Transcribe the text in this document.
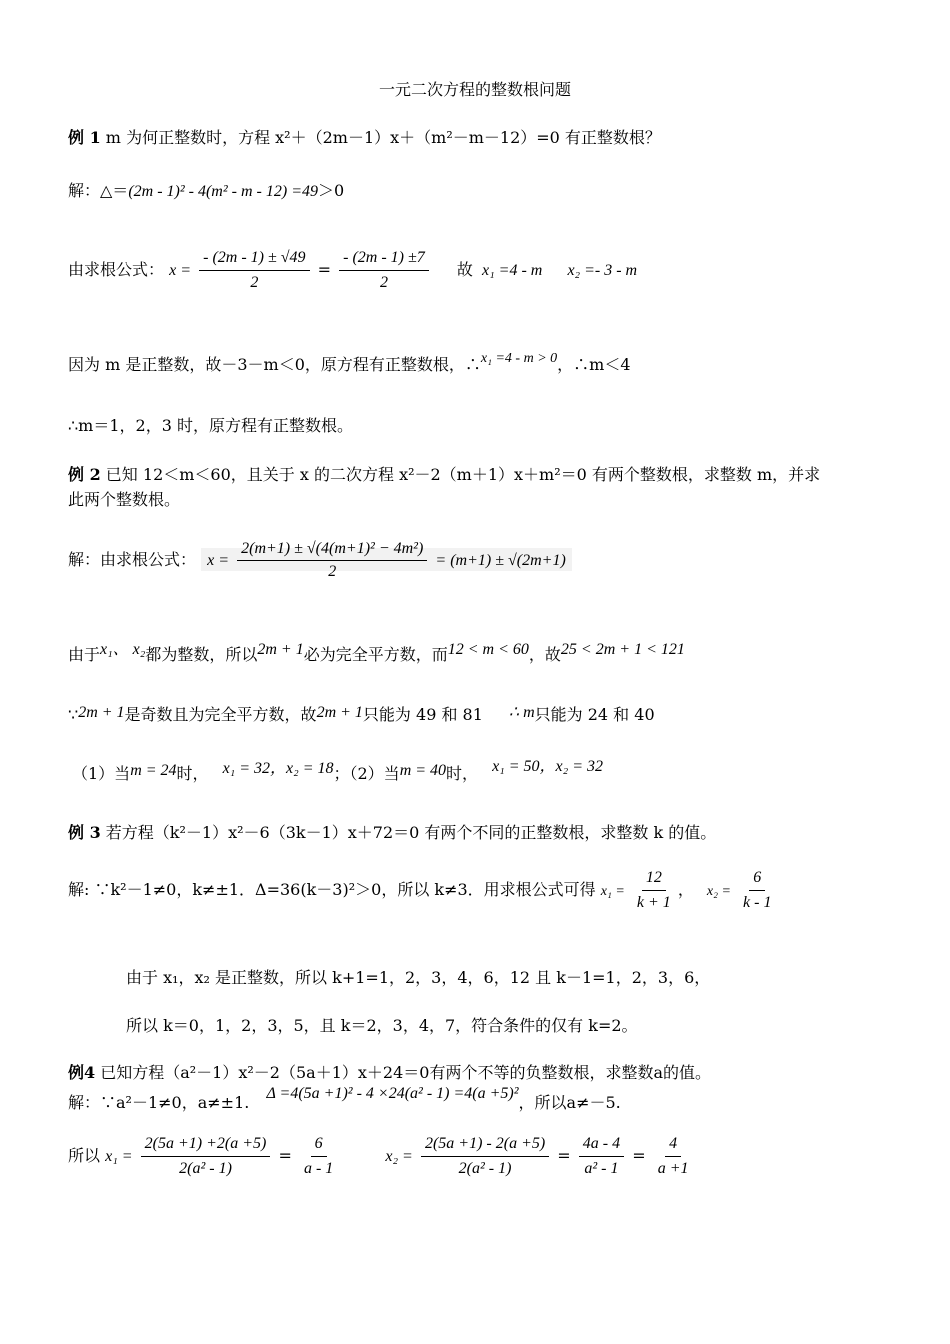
一元二次方程的整数根问题
例 1 m 为何正整数时，方程 x²＋（2m－1）x＋（m²－m－12）=0 有正整数根？
解：△＝(2m - 1)² - 4(m² - m - 12) =49＞0
由求根公式： $x = \frac{- (2m - 1) \pm √49}{2} = \frac{- (2m - 1) \pm 7}{2}$ 故 x₁ =4 - m x₂ =- 3 - m
因为 m 是正整数，故－3－m＜0，原方程有正整数根，∴x₁ =4 - m > 0，∴m＜4
∴m＝1，2，3 时，原方程有正整数根。
例 2 已知 12＜m＜60，且关于 x 的二次方程 x²－2（m＋1）x＋m²＝0 有两个整数根，求整数 m，并求
此两个整数根。
解：由求根公式： $x = \frac{\text{2(m+1) ± √(4(m+1)² − 4m²)}}{2} = (m+1) \pm √(2m+1)$
由于x₁、 x₂都为整数，所以2m + 1必为完全平方数，而12 < m < 60，故25 < 2m + 1 < 121
∵2m + 1是奇数且为完全平方数，故2m + 1只能为 49 和 81 ∴ m只能为 24 和 40
（1）当m = 24时， x₁ = 32，x₂ = 18；（2）当m = 40时， x₁ = 50，x₂ = 32
例 3 若方程（k²－1）x²－6（3k－1）x＋72＝0 有两个不同的正整数根，求整数 k 的值。
解: ∵k²－1≠0，k≠±1．Δ=36(k－3)²＞0，所以 k≠3．用求根公式可得 $x_1 = \frac{12}{k + 1}$ ， $x_2 = \frac{6}{k - 1}$
由于 x₁，x₂ 是正整数，所以 k+1=1，2，3，4，6，12 且 k－1=1，2，3，6，
所以 k＝0，1，2，3，5，且 k＝2，3，4，7，符合条件的仅有 k=2。
例4 已知方程（a²－1）x²－2（5a＋1）x＋24＝0有两个不等的负整数根，求整数a的值。
解：∵a²－1≠0，a≠±1. Δ =4(5a +1)² - 4 ×24(a² - 1) =4(a +5)²，所以a≠－5.
所以 $x_1 = \frac{2(5a +1) +2(a +5)}{\text{2(a² - 1)}} = \frac{6}{a - 1}$	$x_2 = \frac{2(5a +1) - 2(a +5)}{\text{2(a² - 1)}} = \frac{4a - 4}{\text{a² - 1}} = \frac{4}{a +1}$
